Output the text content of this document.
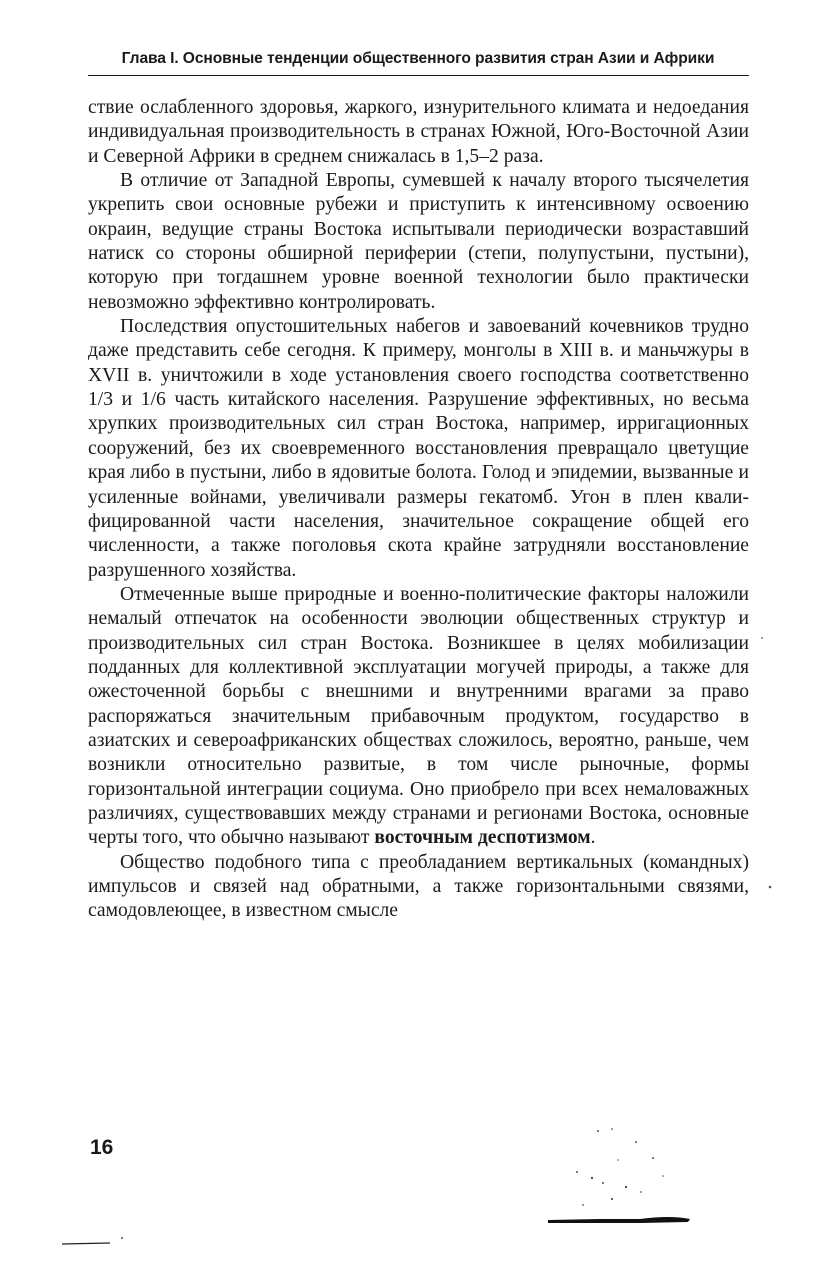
Глава I. Основные тенденции общественного развития стран Азии и Африки

ствие ослабленного здоровья, жаркого, изнурительного климата и недоедания индивидуальная производительность в странах Южной, Юго-Восточной Азии и Северной Африки в среднем снижалась в 1,5–2 раза.

В отличие от Западной Европы, сумевшей к началу второго тысячелетия укрепить свои основные рубежи и приступить к интенсивному освоению окраин, ведущие страны Востока испытывали периодически возраставший натиск со стороны обширной периферии (степи, полупустыни, пустыни), которую при тогдашнем уровне военной технологии было практически невозможно эффективно контролировать.

Последствия опустошительных набегов и завоеваний кочевников трудно даже представить себе сегодня. К примеру, монголы в XIII в. и маньчжуры в XVII в. уничтожили в ходе установления своего господства соответственно 1/3 и 1/6 часть китайского населения. Разрушение эффективных, но весьма хрупких производительных сил стран Востока, например, ирригационных сооружений, без их своевременного восстановления превращало цветущие края либо в пустыни, либо в ядовитые болота. Голод и эпидемии, вызванные и усиленные войнами, увеличивали размеры гекатомб. Угон в плен квалифицированной части населения, значительное сокращение общей его численности, а также поголовья скота крайне затрудняли восстановление разрушенного хозяйства.

Отмеченные выше природные и военно-политические факторы наложили немалый отпечаток на особенности эволюции общественных структур и производительных сил стран Востока. Возникшее в целях мобилизации подданных для коллективной эксплуатации могучей природы, а также для ожесточенной борьбы с внешними и внутренними врагами за право распоряжаться значительным прибавочным продуктом, государство в азиатских и североафриканских обществах сложилось, вероятно, раньше, чем возникли относительно развитые, в том числе рыночные, формы горизонтальной интеграции социума. Оно приобрело при всех немаловажных различиях, существовавших между странами и регионами Востока, основные черты того, что обычно называют восточным деспотизмом.

Общество подобного типа с преобладанием вертикальных (командных) импульсов и связей над обратными, а также горизонтальными связями, самодовлеющее, в известном смысле

16
